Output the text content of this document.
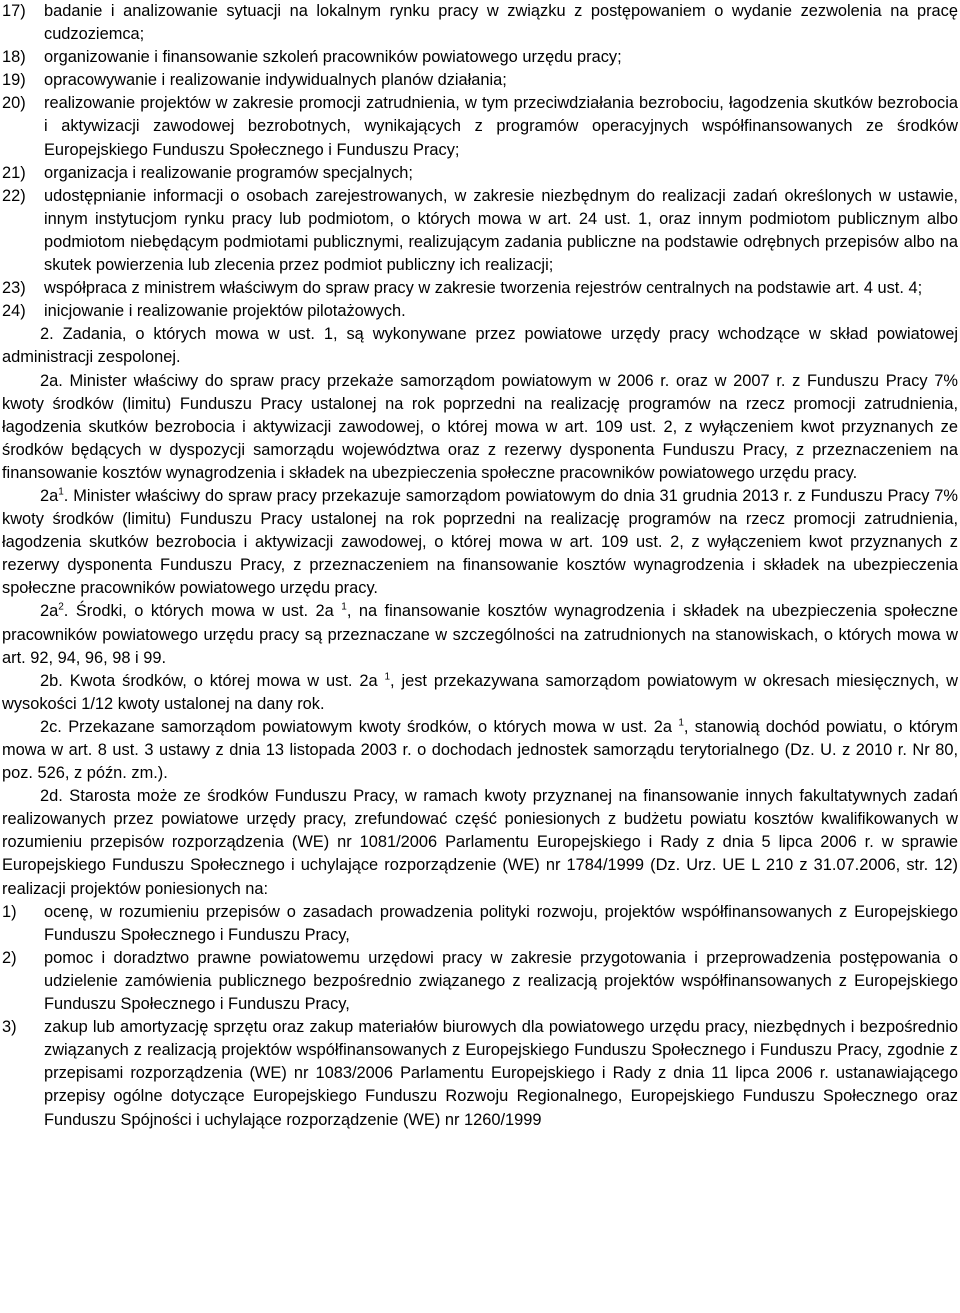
17)	badanie i analizowanie sytuacji na lokalnym rynku pracy w związku z postępowaniem o wydanie zezwolenia na pracę cudzoziemca;
18)	organizowanie i finansowanie szkoleń pracowników powiatowego urzędu pracy;
19)	opracowywanie i realizowanie indywidualnych planów działania;
20)	realizowanie projektów w zakresie promocji zatrudnienia, w tym przeciwdziałania bezrobociu, łagodzenia skutków bezrobocia i aktywizacji zawodowej bezrobotnych, wynikających z programów operacyjnych współfinansowanych ze środków Europejskiego Funduszu Społecznego i Funduszu Pracy;
21)	organizacja i realizowanie programów specjalnych;
22)	udostępnianie informacji o osobach zarejestrowanych, w zakresie niezbędnym do realizacji zadań określonych w ustawie, innym instytucjom rynku pracy lub podmiotom, o których mowa w art. 24 ust. 1, oraz innym podmiotom publicznym albo podmiotom niebędącym podmiotami publicznymi, realizującym zadania publiczne na podstawie odrębnych przepisów albo na skutek powierzenia lub zlecenia przez podmiot publiczny ich realizacji;
23)	współpraca z ministrem właściwym do spraw pracy w zakresie tworzenia rejestrów centralnych na podstawie art. 4 ust. 4;
24)	inicjowanie i realizowanie projektów pilotażowych.
2. Zadania, o których mowa w ust. 1, są wykonywane przez powiatowe urzędy pracy wchodzące w skład powiatowej administracji zespolonej.
2a. Minister właściwy do spraw pracy przekaże samorządom powiatowym w 2006 r. oraz w 2007 r. z Funduszu Pracy 7% kwoty środków (limitu) Funduszu Pracy ustalonej na rok poprzedni na realizację programów na rzecz promocji zatrudnienia, łagodzenia skutków bezrobocia i aktywizacji zawodowej, o której mowa w art. 109 ust. 2, z wyłączeniem kwot przyznanych ze środków będących w dyspozycji samorządu województwa oraz z rezerwy dysponenta Funduszu Pracy, z przeznaczeniem na finansowanie kosztów wynagrodzenia i składek na ubezpieczenia społeczne pracowników powiatowego urzędu pracy.
$2a^1$. Minister właściwy do spraw pracy przekazuje samorządom powiatowym do dnia 31 grudnia 2013 r. z Funduszu Pracy 7% kwoty środków (limitu) Funduszu Pracy ustalonej na rok poprzedni na realizację programów na rzecz promocji zatrudnienia, łagodzenia skutków bezrobocia i aktywizacji zawodowej, o której mowa w art. 109 ust. 2, z wyłączeniem kwot przyznanych z rezerwy dysponenta Funduszu Pracy, z przeznaczeniem na finansowanie kosztów wynagrodzenia i składek na ubezpieczenia społeczne pracowników powiatowego urzędu pracy.
$2a^2$. Środki, o których mowa w ust. 2a $^1$, na finansowanie kosztów wynagrodzenia i składek na ubezpieczenia społeczne pracowników powiatowego urzędu pracy są przeznaczane w szczególności na zatrudnionych na stanowiskach, o których mowa w art. 92, 94, 96, 98 i 99.
2b. Kwota środków, o której mowa w ust. 2a $^1$, jest przekazywana samorządom powiatowym w okresach miesięcznych, w wysokości 1/12 kwoty ustalonej na dany rok.
2c. Przekazane samorządom powiatowym kwoty środków, o których mowa w ust. 2a $^1$, stanowią dochód powiatu, o którym mowa w art. 8 ust. 3 ustawy z dnia 13 listopada 2003 r. o dochodach jednostek samorządu terytorialnego (Dz. U. z 2010 r. Nr 80, poz. 526, z późn. zm.).
2d. Starosta może ze środków Funduszu Pracy, w ramach kwoty przyznanej na finansowanie innych fakultatywnych zadań realizowanych przez powiatowe urzędy pracy, zrefundować część poniesionych z budżetu powiatu kosztów kwalifikowanych w rozumieniu przepisów rozporządzenia (WE) nr 1081/2006 Parlamentu Europejskiego i Rady z dnia 5 lipca 2006 r. w sprawie Europejskiego Funduszu Społecznego i uchylające rozporządzenie (WE) nr 1784/1999 (Dz. Urz. UE L 210 z 31.07.2006, str. 12) realizacji projektów poniesionych na:
1)	ocenę, w rozumieniu przepisów o zasadach prowadzenia polityki rozwoju, projektów współfinansowanych z Europejskiego Funduszu Społecznego i Funduszu Pracy,
2)	pomoc i doradztwo prawne powiatowemu urzędowi pracy w zakresie przygotowania i przeprowadzenia postępowania o udzielenie zamówienia publicznego bezpośrednio związanego z realizacją projektów współfinansowanych z Europejskiego Funduszu Społecznego i Funduszu Pracy,
3)	zakup lub amortyzację sprzętu oraz zakup materiałów biurowych dla powiatowego urzędu pracy, niezbędnych i bezpośrednio związanych z realizacją projektów współfinansowanych z Europejskiego Funduszu Społecznego i Funduszu Pracy, zgodnie z przepisami rozporządzenia (WE) nr 1083/2006 Parlamentu Europejskiego i Rady z dnia 11 lipca 2006 r. ustanawiającego przepisy ogólne dotyczące Europejskiego Funduszu Rozwoju Regionalnego, Europejskiego Funduszu Społecznego oraz Funduszu Spójności i uchylające rozporządzenie (WE) nr 1260/1999
